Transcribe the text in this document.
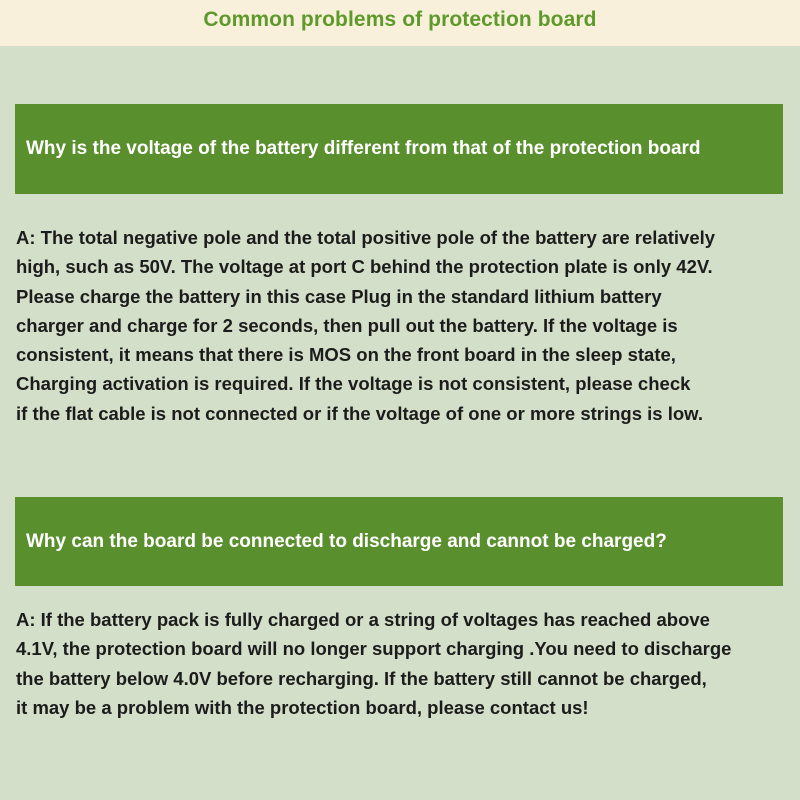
Common problems of protection board
Why is the voltage of the battery different from that of the protection board
A: The total negative pole and the total positive pole of the battery are relatively
high, such as 50V. The voltage at port C behind the protection plate is only 42V.
Please charge the battery in this case Plug in the standard lithium battery
charger and charge for 2 seconds, then pull out the battery. If the voltage is
consistent, it means that there is MOS on the front board in the sleep state,
Charging activation is required. If the voltage is not consistent, please check
if the flat cable is not connected or if the voltage of one or more strings is low.
Why can the board be connected to discharge and cannot be charged?
A: If the battery pack is fully charged or a string of voltages has reached above
4.1V, the protection board will no longer support charging .You need to discharge
the battery below 4.0V before recharging. If the battery still cannot be charged,
it may be a problem with the protection board, please contact us!
